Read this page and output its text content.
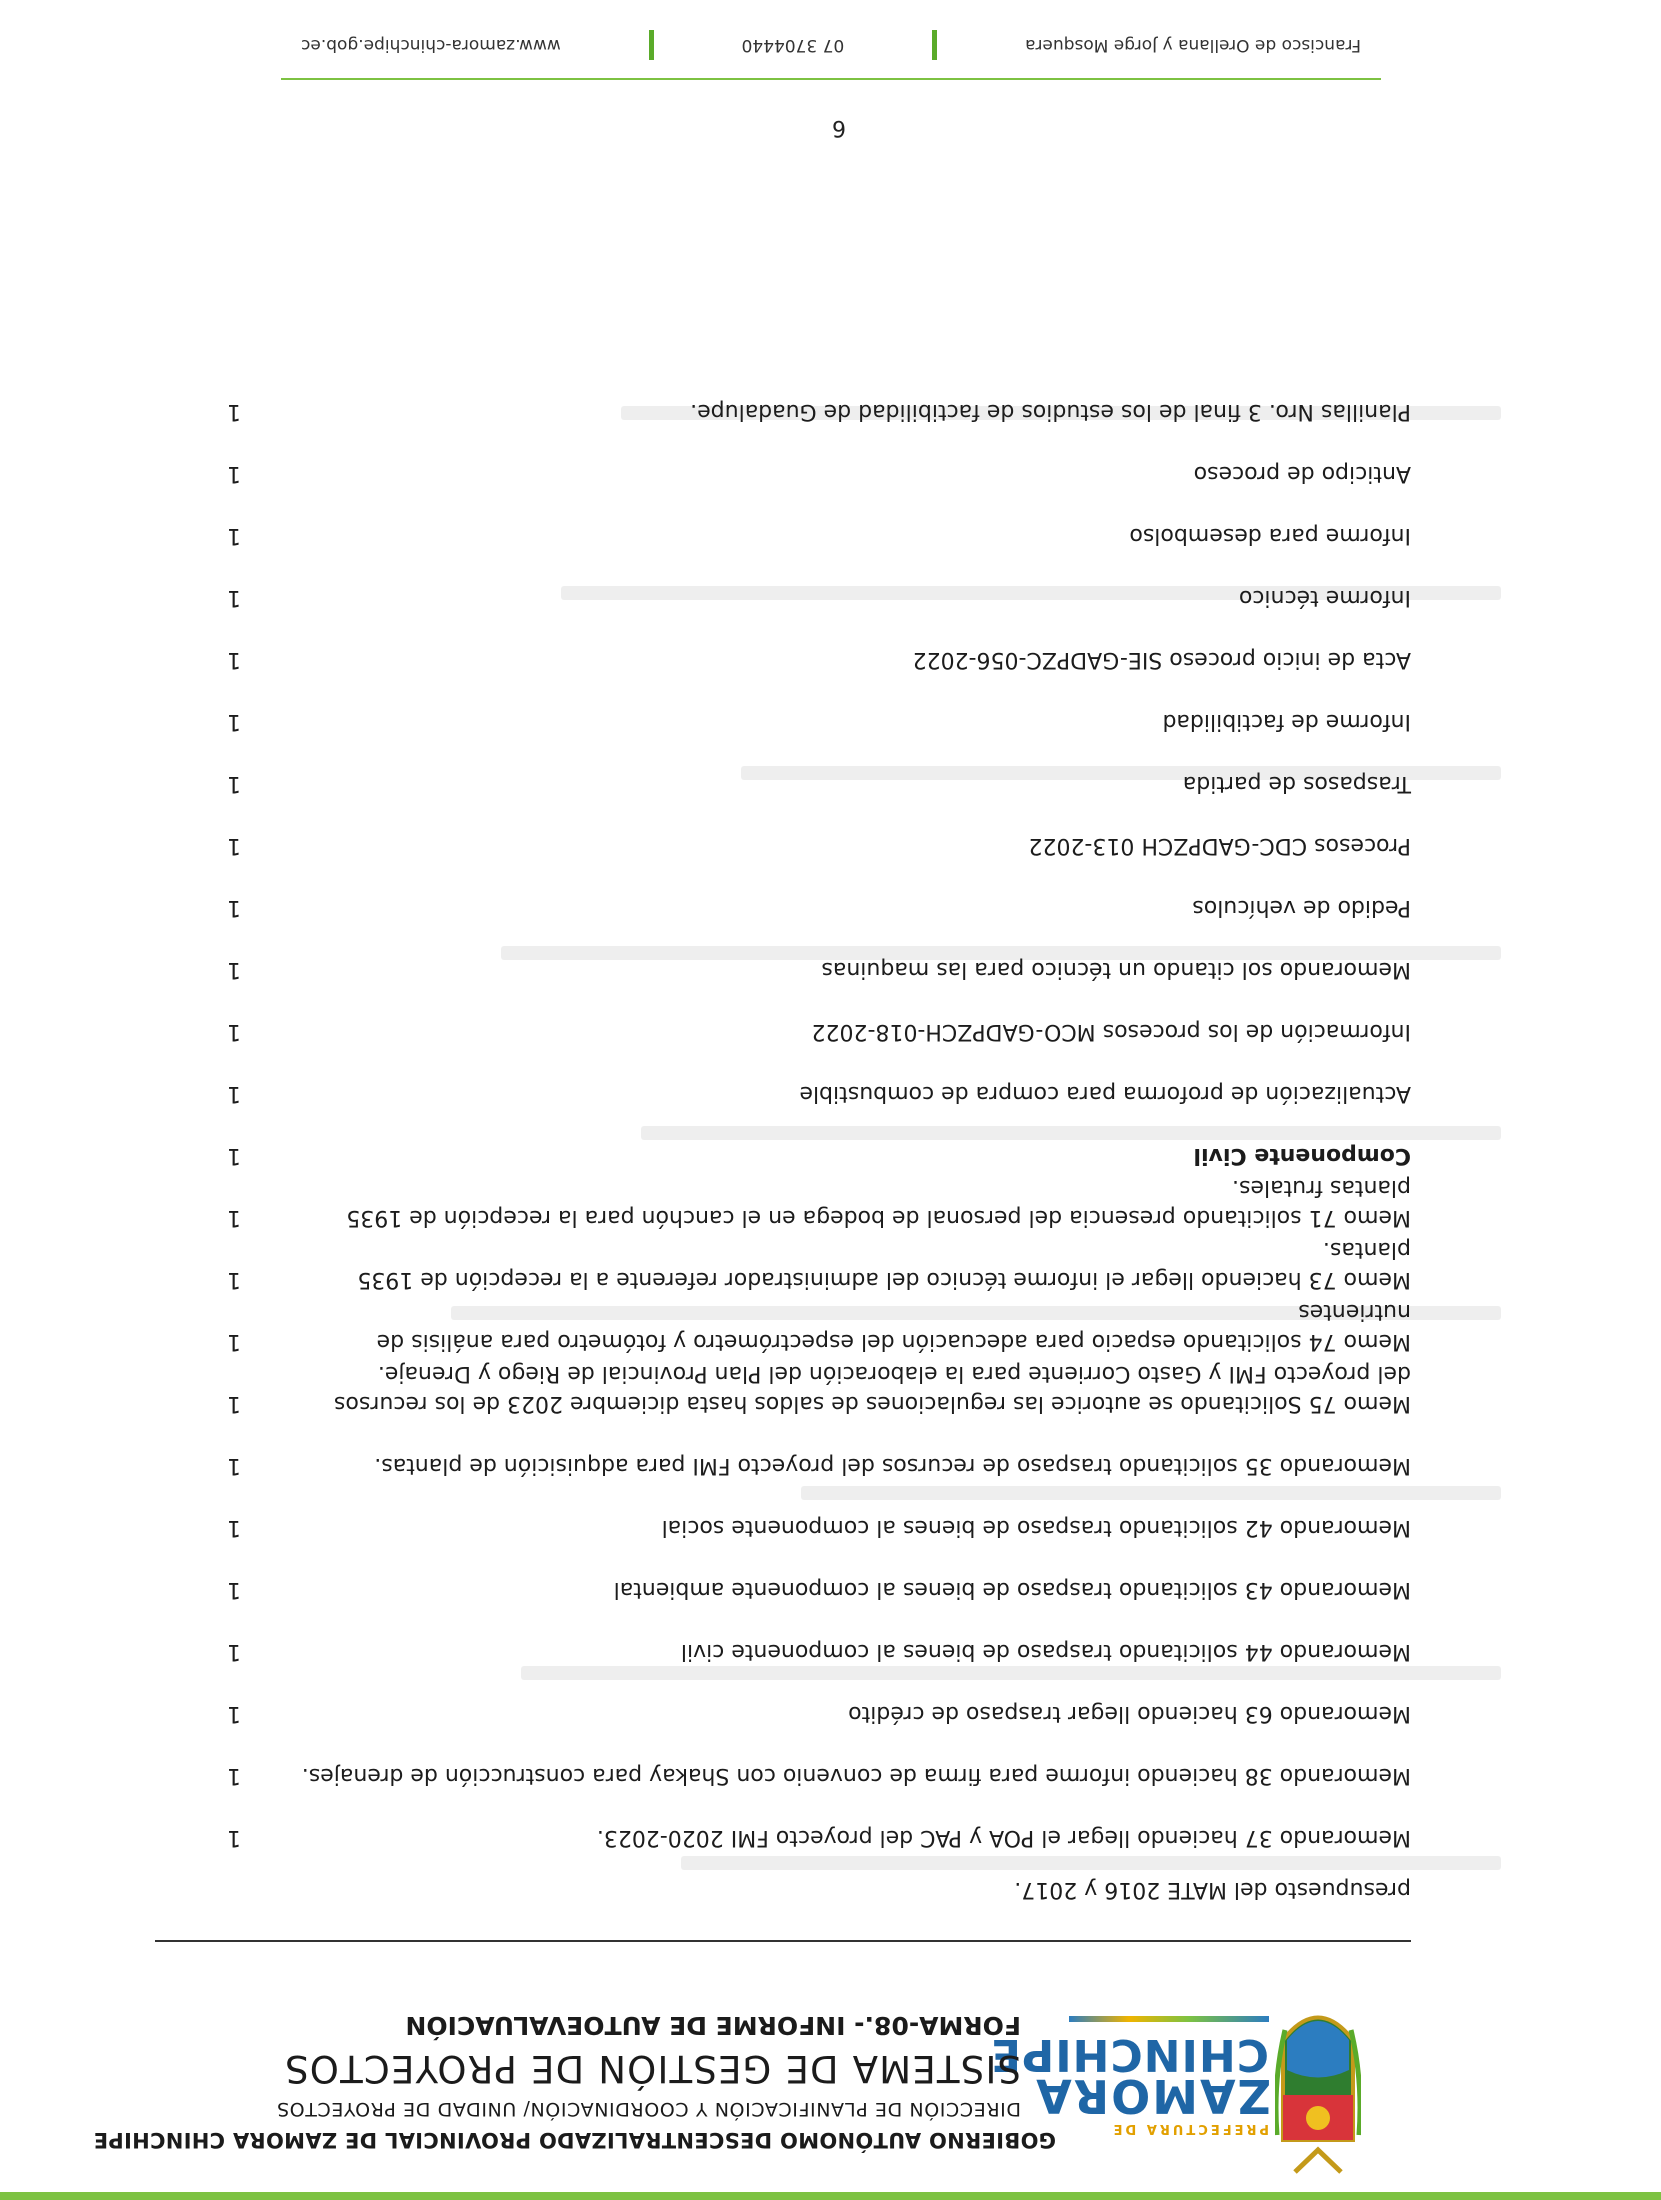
PREFECTURA DE
ZAMORA
CHINCHIPE
GOBIERNO AUTÓNOMO DESCENTRALIZADO PROVINCIAL DE ZAMORA CHINCHIPE
DIRECCIÓN DE PLANIFICACIÓN Y COORDINACIÓN/ UNIDAD DE PROYECTOS
SISTEMA DE GESTIÓN DE PROYECTOS
FORMA-08.- INFORME DE AUTOEVALUACIÓN
presupuesto del MATE 2016 y 2017.
Memorando 37 haciendo llegar el POA y PAC del proyecto FMI 2020-2023.
1
Memorando 38 haciendo informe para firma de convenio con Shakay para construcción de drenajes.
1
Memorando 63 haciendo llegar traspaso de crédito
1
Memorando 44 solicitando traspaso de bienes al componente civil
1
Memorando 43 solicitando traspaso de bienes al componente ambiental
1
Memorando 42 solicitando traspaso de bienes al componente social
1
Memorando 35 solicitando traspaso de recursos del proyecto FMI para adquisición de plantas.
1
Memo 75 Solicitando se autorice las regulaciones de saldos hasta diciembre 2023 de los recursos del proyecto FMI y Gasto Corriente para la elaboración del Plan Provincial de Riego y Drenaje.
1
Memo 74 solicitando espacio para adecuación del espectrómetro y fotómetro para análisis de nutrientes
1
Memo 73 haciendo llegar el informe técnico del administrador referente a la recepción de 1935 plantas.
1
Memo 71 solicitando presencia del personal de bodega en el canchón para la recepción de 1935 plantas frutales.
1
Componente Civil
1
Actualización de proforma para compra de combustible
1
Información de los procesos MCO-GADPZCH-018-2022
1
Memorando sol citando un técnico para las maquinas
1
Pedido de vehículos
1
Procesos CDC-GADPZCH 013-2022
1
Traspasos de partida
1
Informe de factibilidad
1
Acta de inicio proceso SIE-GADPZC-056-2022
1
Informe técnico
1
Informe para desembolso
1
Anticipo de proceso
1
Planillas Nro. 3 final de los estudios de factibilidad de Guadalupe.
1
6
Francisco de Orellana y Jorge Mosquera
07 3704440
www.zamora-chinchipe.gob.ec
